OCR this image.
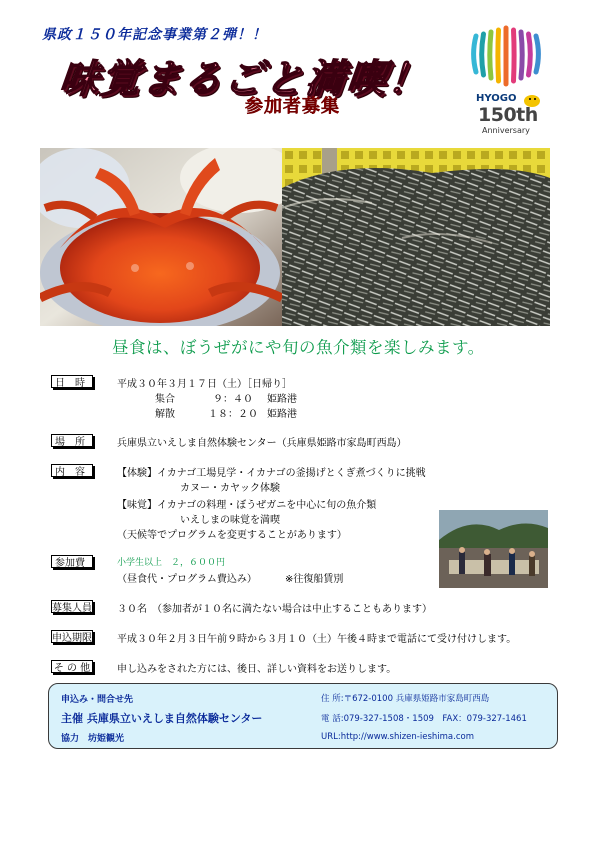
県政１５０年記念事業第２弾！！
味覚まるごと満喫！
参加者募集	HYOGO
150th
Anniversary
昼食は、ぼうぜがにや旬の魚介類を楽しみます。
日　時	平成３０年３月１７日（土）［日帰り］
集合	９：４０ 姫路港
解散	１８：２０ 姫路港
場　所	兵庫県立いえしま自然体験センター（兵庫県姫路市家島町西島）
内　容	【体験】イカナゴ工場見学・イカナゴの釜揚げとくぎ煮づくりに挑戦
カヌー・カヤック体験
【味覚】イカナゴの料理・ぼうぜガニを中心に旬の魚介類
いえしまの味覚を満喫
（天候等でプログラムを変更することがあります）
参加費	小学生以上　２，６００円
（昼食代・プログラム費込み）	※往復船賃別
募集人員	３０名　（参加者が１０名に満たない場合は中止することもあります）
申込期限	平成３０年２月３日午前９時から３月１０（土）午後４時まで電話にて受け付けします。
そ の 他	申し込みをされた方には、後日、詳しい資料をお送りします。
申込み・問合せ先
主催 兵庫県立いえしま自然体験センター
協力　坊姫観光
住 所:〒672-0100 兵庫県姫路市家島町西島
電 話:079-327-1508・1509　FAX：079-327-1461
URL:http://www.shizen-ieshima.com
